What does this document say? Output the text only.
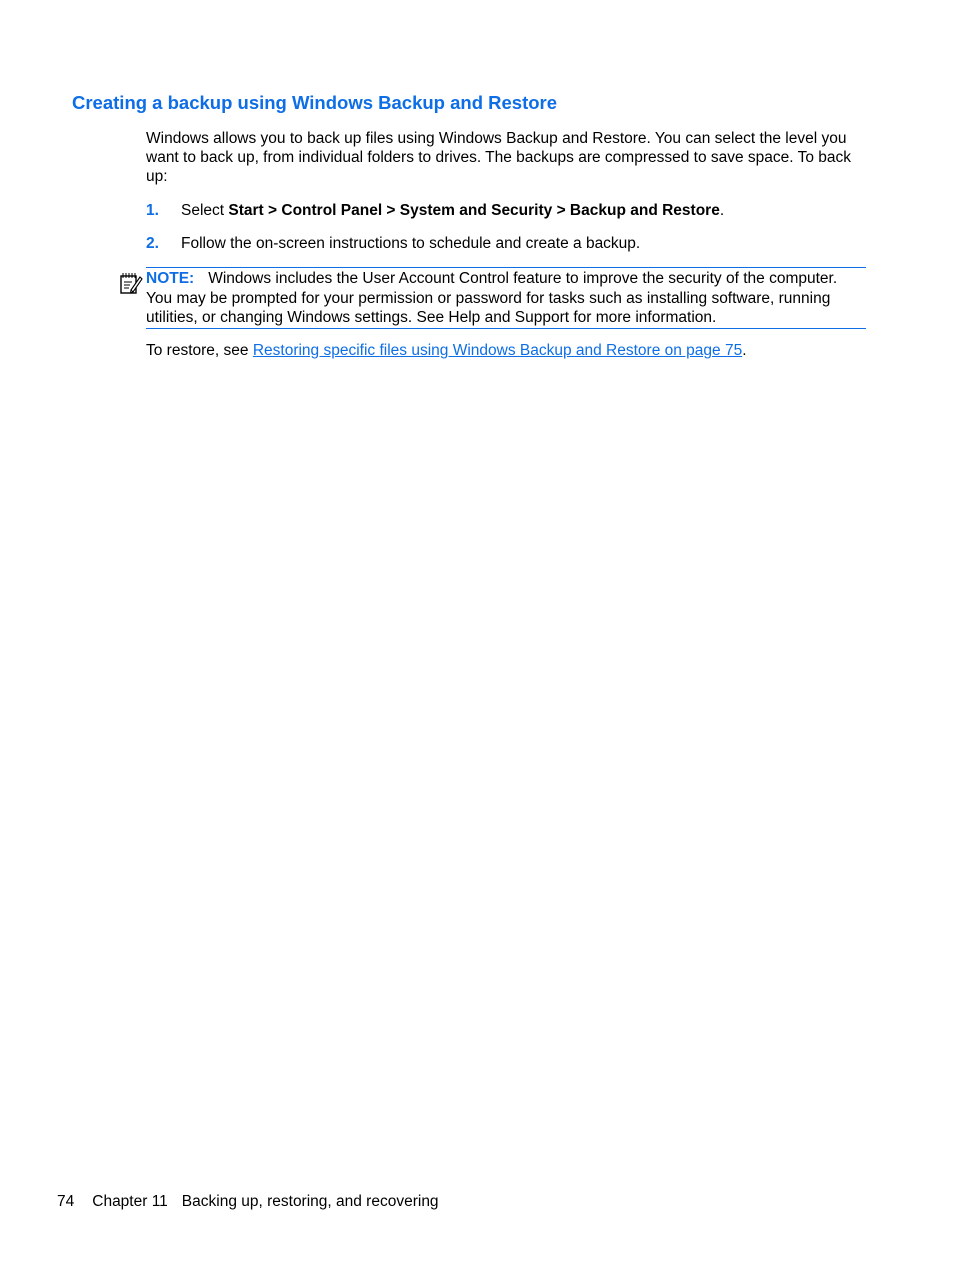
Creating a backup using Windows Backup and Restore

Windows allows you to back up files using Windows Backup and Restore. You can select the level you want to back up, from individual folders to drives. The backups are compressed to save space. To back up:

1. Select Start > Control Panel > System and Security > Backup and Restore.
2. Follow the on-screen instructions to schedule and create a backup.

NOTE: Windows includes the User Account Control feature to improve the security of the computer. You may be prompted for your permission or password for tasks such as installing software, running utilities, or changing Windows settings. See Help and Support for more information.

To restore, see Restoring specific files using Windows Backup and Restore on page 75.

74 Chapter 11 Backing up, restoring, and recovering
